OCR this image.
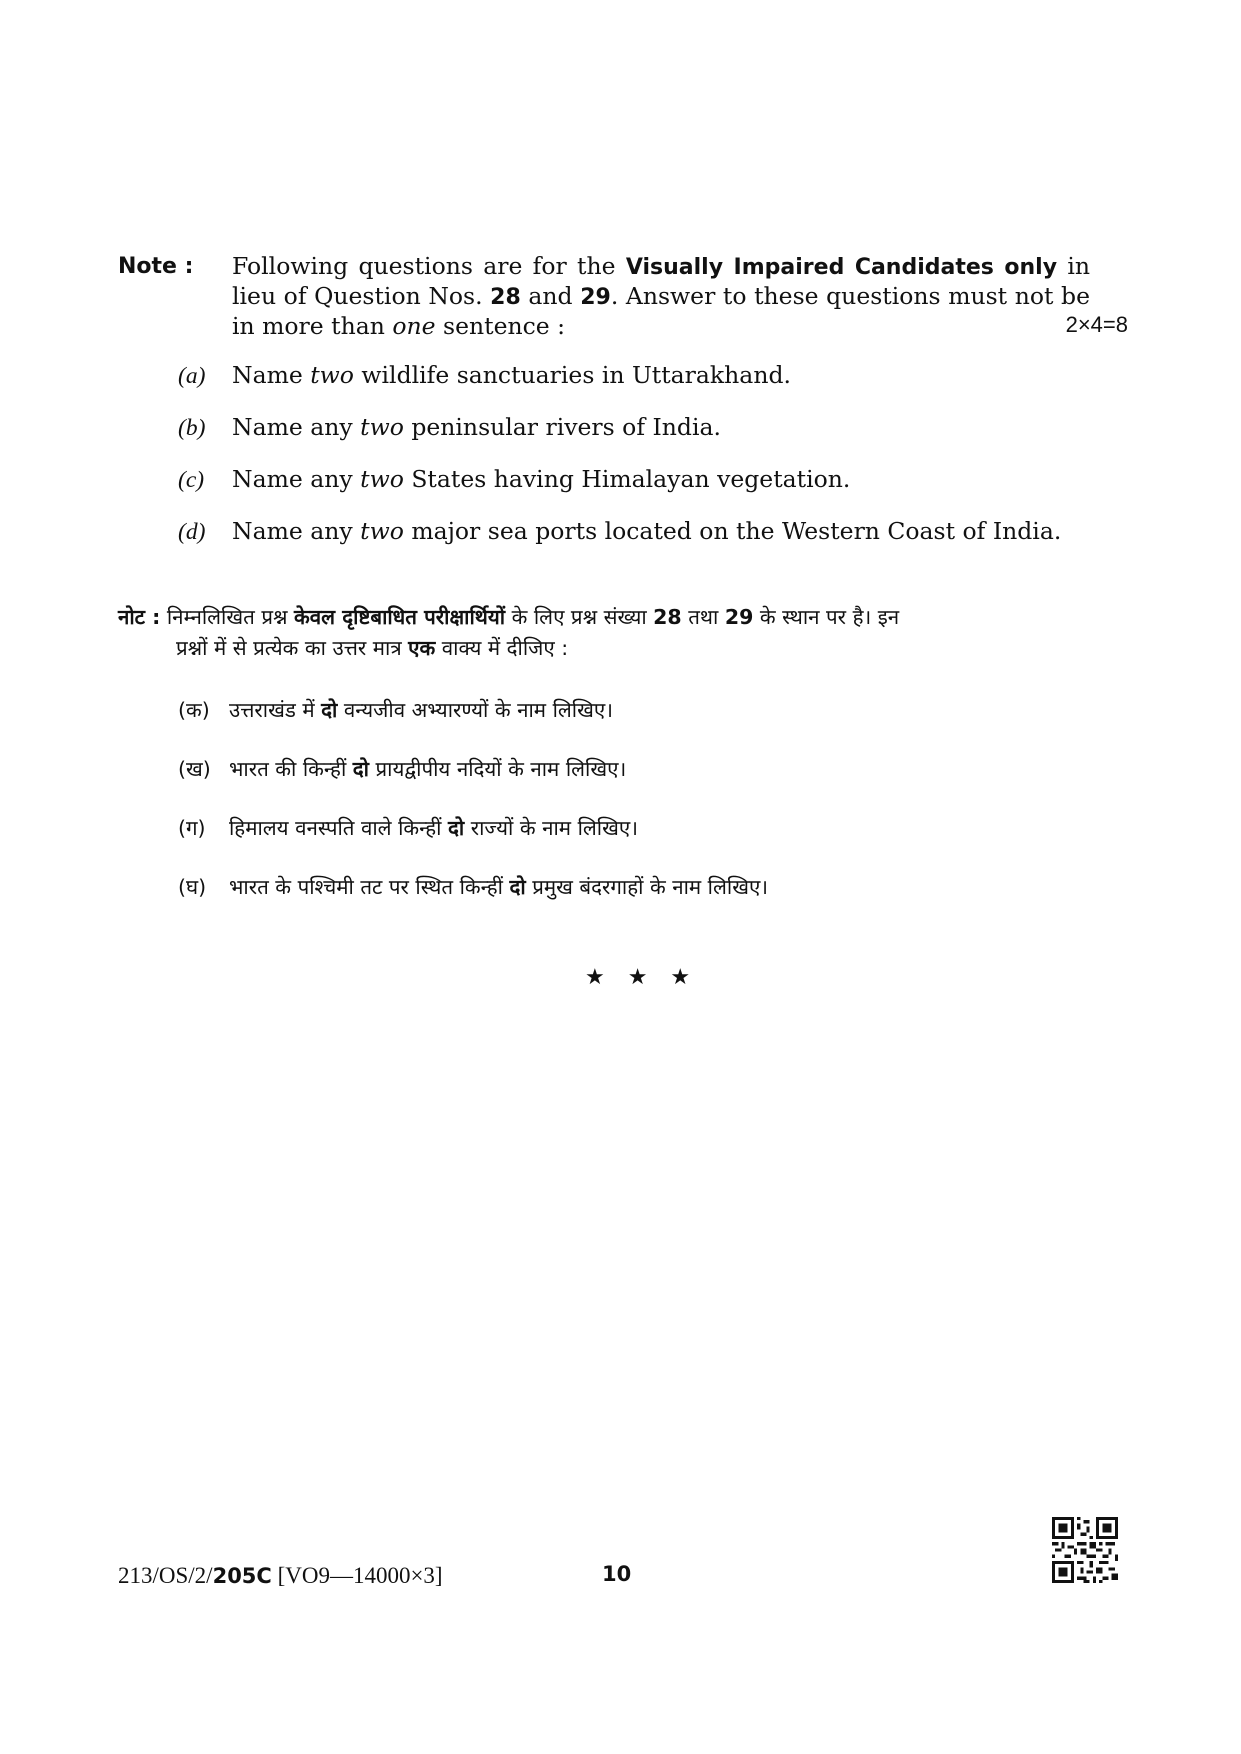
Note : Following questions are for the Visually Impaired Candidates only in lieu of Question Nos. 28 and 29. Answer to these questions must not be in more than one sentence :	2×4=8
(a) Name two wildlife sanctuaries in Uttarakhand.
(b) Name any two peninsular rivers of India.
(c) Name any two States having Himalayan vegetation.
(d) Name any two major sea ports located on the Western Coast of India.
नोट : निम्नलिखित प्रश्न केवल दृष्टिबाधित परीक्षार्थियों के लिए प्रश्न संख्या 28 तथा 29 के स्थान पर है। इन
प्रश्नों में से प्रत्येक का उत्तर मात्र एक वाक्य में दीजिए :
(क) उत्तराखंड में दो वन्यजीव अभ्यारण्यों के नाम लिखिए।
(ख) भारत की किन्हीं दो प्रायद्वीपीय नदियों के नाम लिखिए।
(ग) हिमालय वनस्पति वाले किन्हीं दो राज्यों के नाम लिखिए।
(घ) भारत के पश्चिमी तट पर स्थित किन्हीं दो प्रमुख बंदरगाहों के नाम लिखिए।
★ ★ ★
213/OS/2/205C [VO9—14000×3]	10
